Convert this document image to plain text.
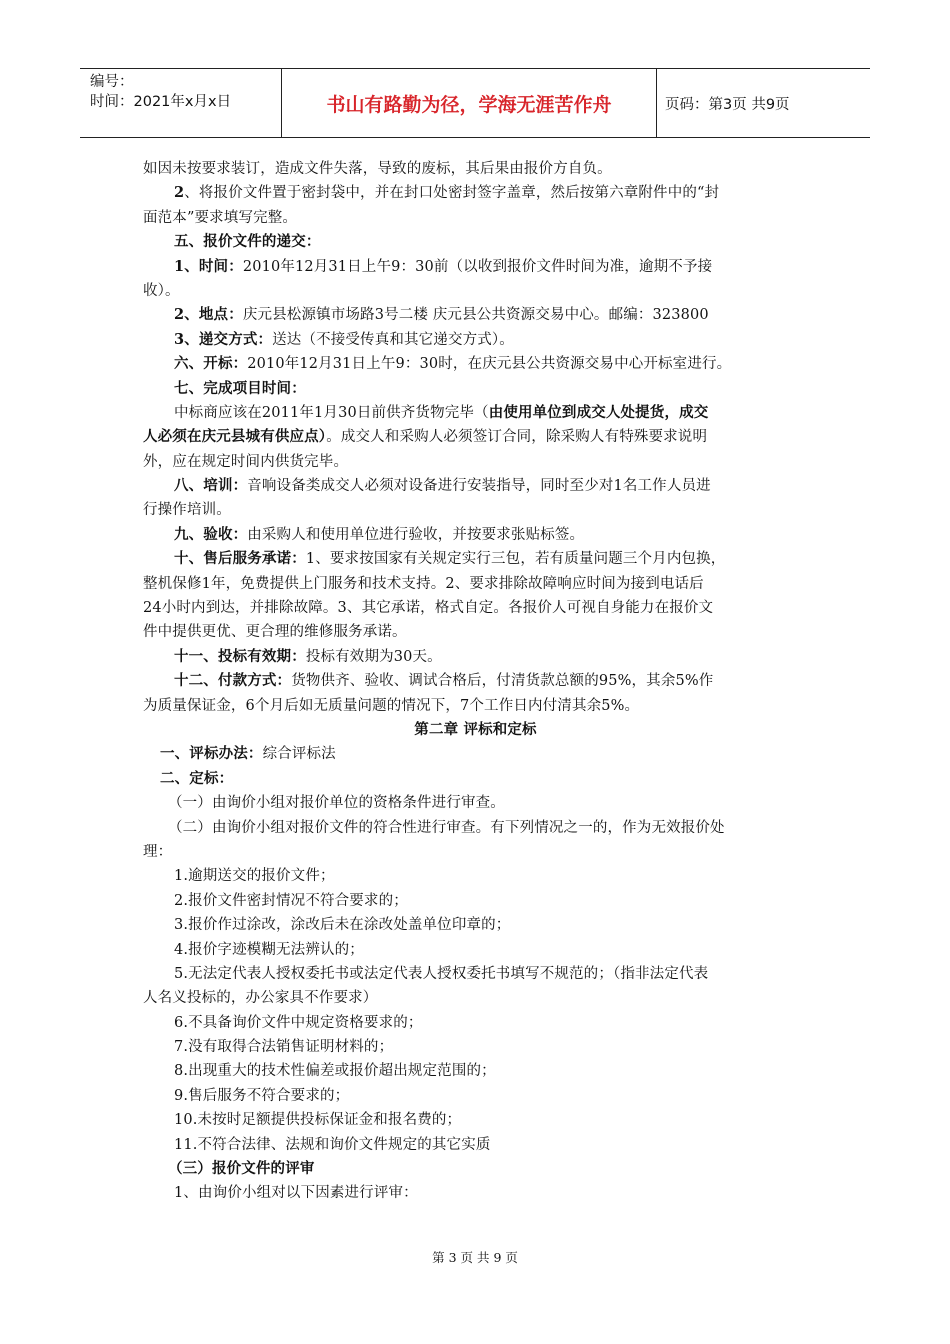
编号：
时间：2021年x月x日	书山有路勤为径，学海无涯苦作舟	页码：第3页 共9页
如因未按要求装订，造成文件失落，导致的废标，其后果由报价方自负。
2、将报价文件置于密封袋中，并在封口处密封签字盖章，然后按第六章附件中的“封
面范本”要求填写完整。
五、报价文件的递交：
1、时间：2010年12月31日上午9：30前（以收到报价文件时间为准，逾期不予接
收）。
2、地点：庆元县松源镇市场路3号二楼 庆元县公共资源交易中心。邮编：323800
3、递交方式：送达（不接受传真和其它递交方式）。
六、开标：2010年12月31日上午9：30时，在庆元县公共资源交易中心开标室进行。
七、完成项目时间：
中标商应该在2011年1月30日前供齐货物完毕（由使用单位到成交人处提货，成交
人必须在庆元县城有供应点）。成交人和采购人必须签订合同，除采购人有特殊要求说明
外，应在规定时间内供货完毕。
八、培训：音响设备类成交人必须对设备进行安装指导，同时至少对1名工作人员进
行操作培训。
九、验收：由采购人和使用单位进行验收，并按要求张贴标签。
十、售后服务承诺：1、要求按国家有关规定实行三包，若有质量问题三个月内包换，
整机保修1年，免费提供上门服务和技术支持。2、要求排除故障响应时间为接到电话后
24小时内到达，并排除故障。3、其它承诺，格式自定。各报价人可视自身能力在报价文
件中提供更优、更合理的维修服务承诺。
十一、投标有效期：投标有效期为30天。
十二、付款方式：货物供齐、验收、调试合格后，付清货款总额的95%，其余5%作
为质量保证金，6个月后如无质量问题的情况下，7个工作日内付清其余5%。
第二章 评标和定标
一、评标办法：综合评标法
二、定标：
（一）由询价小组对报价单位的资格条件进行审查。
（二）由询价小组对报价文件的符合性进行审查。有下列情况之一的，作为无效报价处
理：
1.逾期送交的报价文件；
2.报价文件密封情况不符合要求的；
3.报价作过涂改，涂改后未在涂改处盖单位印章的；
4.报价字迹模糊无法辨认的；
5.无法定代表人授权委托书或法定代表人授权委托书填写不规范的；（指非法定代表
人名义投标的，办公家具不作要求）
6.不具备询价文件中规定资格要求的；
7.没有取得合法销售证明材料的；
8.出现重大的技术性偏差或报价超出规定范围的；
9.售后服务不符合要求的；
10.未按时足额提供投标保证金和报名费的；
11.不符合法律、法规和询价文件规定的其它实质
（三）报价文件的评审
1、由询价小组对以下因素进行评审：
第 3 页 共 9 页
